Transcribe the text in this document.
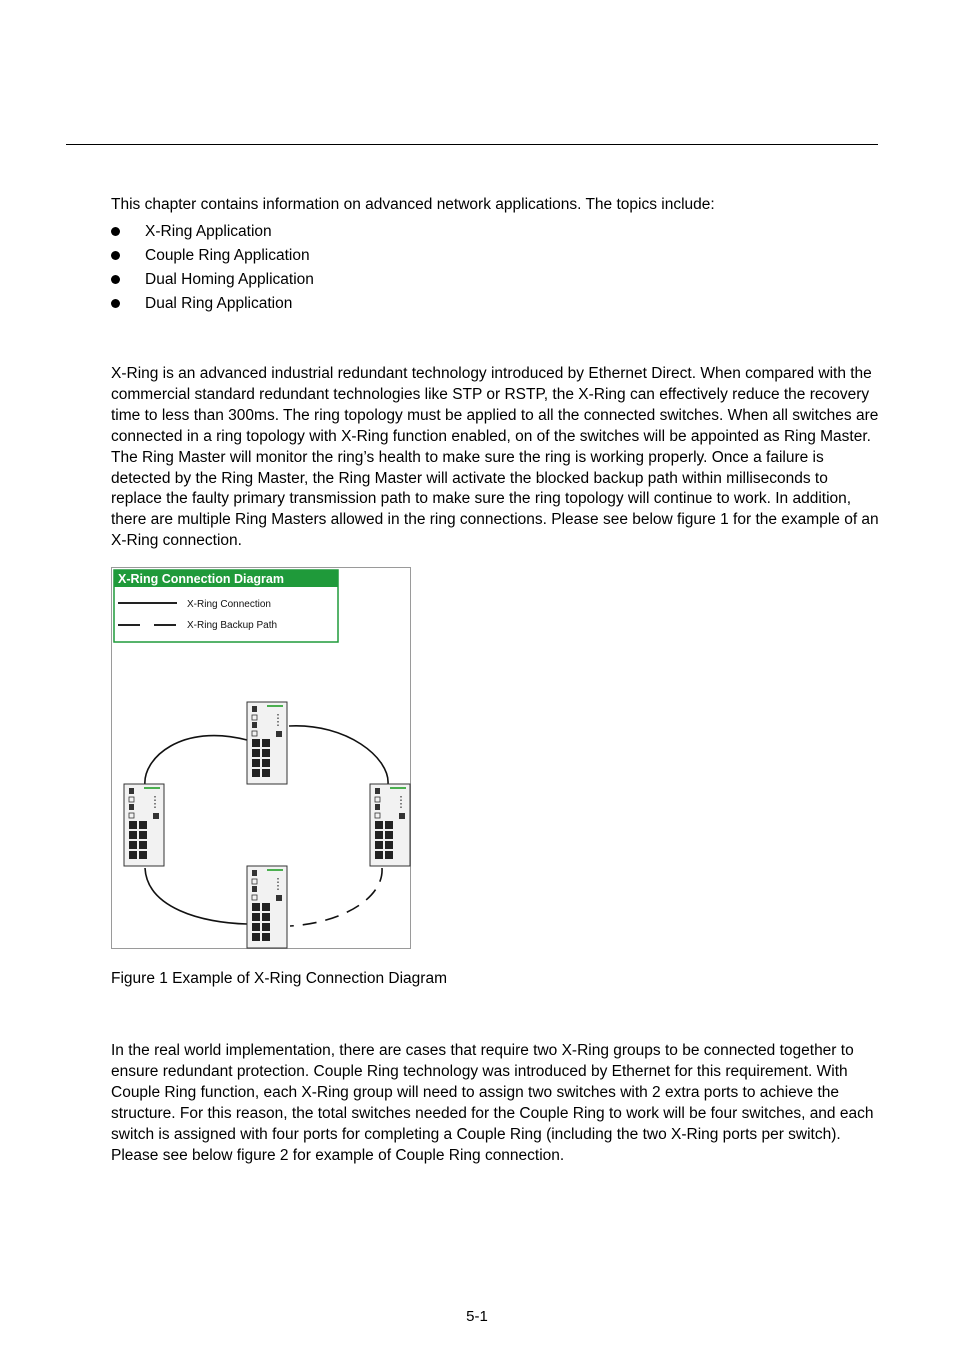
This chapter contains information on advanced network applications. The topics include:

X-Ring Application
Couple Ring Application
Dual Homing Application
Dual Ring Application

X-Ring is an advanced industrial redundant technology introduced by Ethernet Direct. When compared with the commercial standard redundant technologies like STP or RSTP, the X-Ring can effectively reduce the recovery time to less than 300ms. The ring topology must be applied to all the connected switches. When all switches are connected in a ring topology with X-Ring function enabled, on of the switches will be appointed as Ring Master. The Ring Master will monitor the ring’s health to make sure the ring is working properly. Once a failure is detected by the Ring Master, the Ring Master will activate the blocked backup path within milliseconds to replace the faulty primary transmission path to make sure the ring topology will continue to work. In addition, there are multiple Ring Masters allowed in the ring connections. Please see below figure 1 for the example of an X-Ring connection.

X-Ring Connection Diagram
X-Ring Connection
X-Ring Backup Path
Figure 1 Example of X-Ring Connection Diagram

In the real world implementation, there are cases that require two X-Ring groups to be connected together to ensure redundant protection. Couple Ring technology was introduced by Ethernet for this requirement. With Couple Ring function, each X-Ring group will need to assign two switches with 2 extra ports to achieve the structure. For this reason, the total switches needed for the Couple Ring to work will be four switches, and each switch is assigned with four ports for completing a Couple Ring (including the two X-Ring ports per switch). Please see below figure 2 for example of Couple Ring connection.

5-1
